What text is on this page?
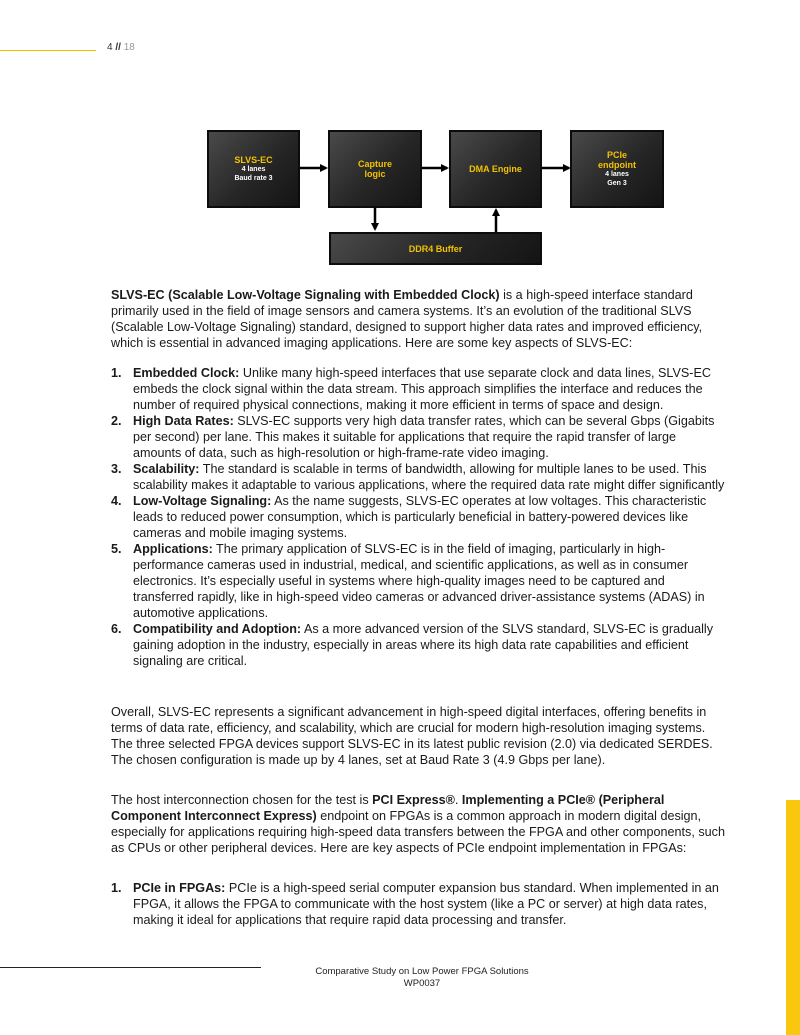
4 // 18
SLVS-EC
4 lanes
Baud rate 3
Capture
logic	DMA Engine
PCIe
endpoint
4 lanes
Gen 3
DDR4 Buffer

SLVS-EC (Scalable Low-Voltage Signaling with Embedded Clock) is a high-speed interface standard primarily used in the field of image sensors and camera systems. It’s an evolution of the traditional SLVS (Scalable Low-Voltage Signaling) standard, designed to support higher data rates and improved efficiency, which is essential in advanced imaging applications. Here are some key aspects of SLVS-EC:

1. Embedded Clock: Unlike many high-speed interfaces that use separate clock and data lines, SLVS-EC embeds the clock signal within the data stream. This approach simplifies the interface and reduces the number of required physical connections, making it more efficient in terms of space and design.
2. High Data Rates: SLVS-EC supports very high data transfer rates, which can be several Gbps (Gigabits per second) per lane. This makes it suitable for applications that require the rapid transfer of large amounts of data, such as high-resolution or high-frame-rate video imaging.
3. Scalability: The standard is scalable in terms of bandwidth, allowing for multiple lanes to be used. This scalability makes it adaptable to various applications, where the required data rate might differ significantly
4. Low-Voltage Signaling: As the name suggests, SLVS-EC operates at low voltages. This characteristic leads to reduced power consumption, which is particularly beneficial in battery-powered devices like cameras and mobile imaging systems.
5. Applications: The primary application of SLVS-EC is in the field of imaging, particularly in high-performance cameras used in industrial, medical, and scientific applications, as well as in consumer electronics. It’s especially useful in systems where high-quality images need to be captured and transferred rapidly, like in high-speed video cameras or advanced driver-assistance systems (ADAS) in automotive applications.
6. Compatibility and Adoption: As a more advanced version of the SLVS standard, SLVS-EC is gradually gaining adoption in the industry, especially in areas where its high data rate capabilities and efficient signaling are critical.

Overall, SLVS-EC represents a significant advancement in high-speed digital interfaces, offering benefits in terms of data rate, efficiency, and scalability, which are crucial for modern high-resolution imaging systems. The three selected FPGA devices support SLVS-EC in its latest public revision (2.0) via dedicated SERDES. The chosen configuration is made up by 4 lanes, set at Baud Rate 3 (4.9 Gbps per lane).

The host interconnection chosen for the test is PCI Express®. Implementing a PCIe® (Peripheral Component Interconnect Express) endpoint on FPGAs is a common approach in modern digital design, especially for applications requiring high-speed data transfers between the FPGA and other components, such as CPUs or other peripheral devices. Here are key aspects of PCIe endpoint implementation in FPGAs:

1. PCIe in FPGAs: PCIe is a high-speed serial computer expansion bus standard. When implemented in an FPGA, it allows the FPGA to communicate with the host system (like a PC or server) at high data rates, making it ideal for applications that require rapid data processing and transfer.
Comparative Study on Low Power FPGA Solutions
WP0037
